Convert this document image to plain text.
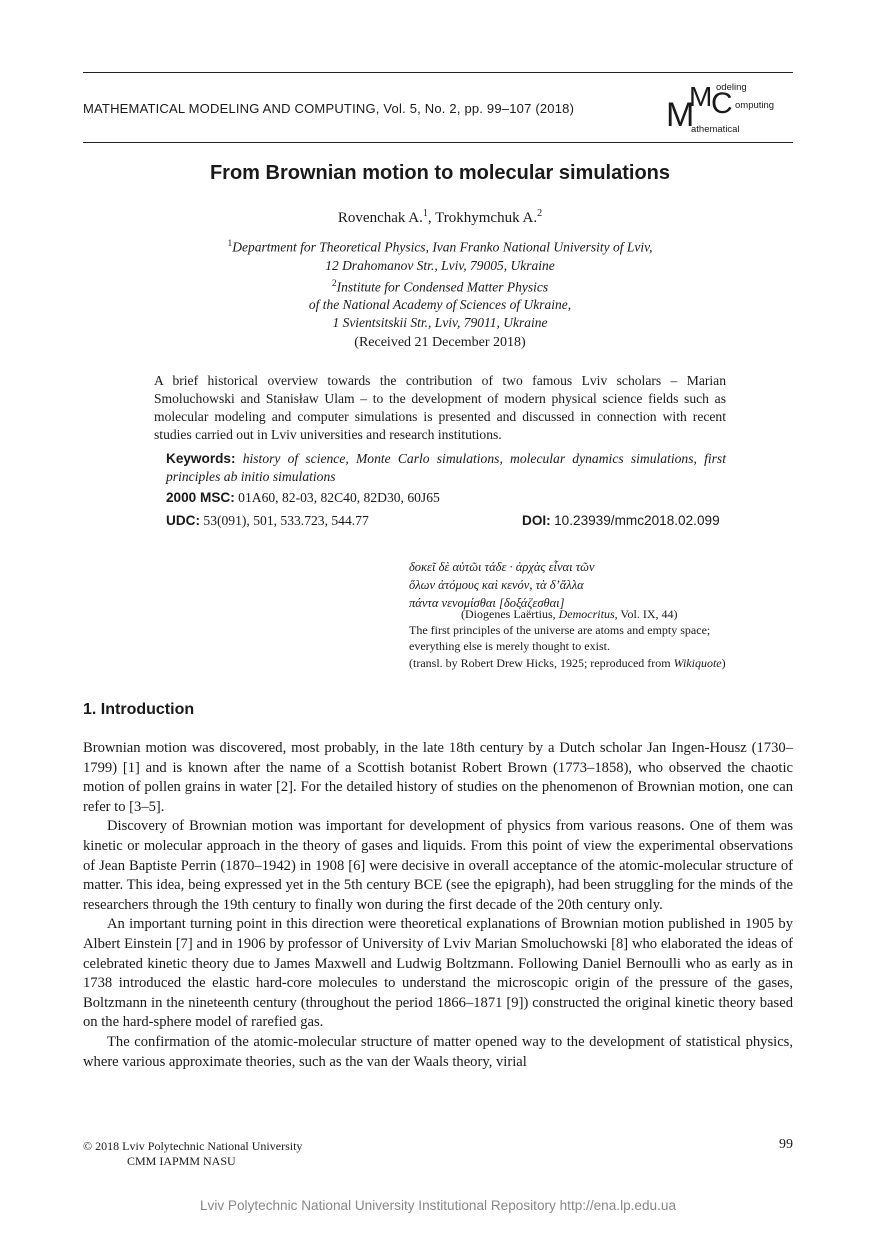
MATHEMATICAL MODELING AND COMPUTING, Vol. 5, No. 2, pp. 99–107 (2018)	M
M
C
odeling
omputing
athematical
From Brownian motion to molecular simulations
Rovenchak A.$^1$, Trokhymchuk A.$^2$
$^1$Department for Theoretical Physics, Ivan Franko National University of Lviv,
12 Drahomanov Str., Lviv, 79005, Ukraine
$^2$Institute for Condensed Matter Physics
of the National Academy of Sciences of Ukraine,
1 Svientsitskii Str., Lviv, 79011, Ukraine
(Received 21 December 2018)
A brief historical overview towards the contribution of two famous Lviv scholars – Marian Smoluchowski and Stanisław Ulam – to the development of modern physical science fields such as molecular modeling and computer simulations is presented and discussed in connection with recent studies carried out in Lviv universities and research institutions.
Keywords: history of science, Monte Carlo simulations, molecular dynamics simulations, first principles ab initio simulations
2000 MSC: 01A60, 82-03, 82C40, 82D30, 60J65
UDC: 53(091), 501, 533.723, 544.77	DOI: 10.23939/mmc2018.02.099
δοκεῖ δὲ αὐτῶι τάδε · ἀρχὰς εἶναι τῶν
ὅλων ἀτόμους καὶ κενόν, τὰ δ’ἄλλα
πάντα νενομίσθαι [δοξάζεσθαι]
(Diogenes Laërtius, Democritus, Vol. IX, 44)
The first principles of the universe are atoms and empty space;
everything else is merely thought to exist.
(transl. by Robert Drew Hicks, 1925; reproduced from Wikiquote)
1. Introduction

Brownian motion was discovered, most probably, in the late 18th century by a Dutch scholar Jan Ingen-Housz (1730–1799) [1] and is known after the name of a Scottish botanist Robert Brown (1773–1858), who observed the chaotic motion of pollen grains in water [2]. For the detailed history of studies on the phenomenon of Brownian motion, one can refer to [3–5].

Discovery of Brownian motion was important for development of physics from various reasons. One of them was kinetic or molecular approach in the theory of gases and liquids. From this point of view the experimental observations of Jean Baptiste Perrin (1870–1942) in 1908 [6] were decisive in overall acceptance of the atomic-molecular structure of matter. This idea, being expressed yet in the 5th century BCE (see the epigraph), had been struggling for the minds of the researchers through the 19th century to finally won during the first decade of the 20th century only.

An important turning point in this direction were theoretical explanations of Brownian motion published in 1905 by Albert Einstein [7] and in 1906 by professor of University of Lviv Marian Smoluchowski [8] who elaborated the ideas of celebrated kinetic theory due to James Maxwell and Ludwig Boltzmann. Following Daniel Bernoulli who as early as in 1738 introduced the elastic hard-core molecules to understand the microscopic origin of the pressure of the gases, Boltzmann in the nineteenth century (throughout the period 1866–1871 [9]) constructed the original kinetic theory based on the hard-sphere model of rarefied gas.

The confirmation of the atomic-molecular structure of matter opened way to the development of statistical physics, where various approximate theories, such as the van der Waals theory, virial

© 2018 Lviv Polytechnic National University
CMM IAPMM NASU
99
Lviv Polytechnic National University Institutional Repository http://ena.lp.edu.ua
